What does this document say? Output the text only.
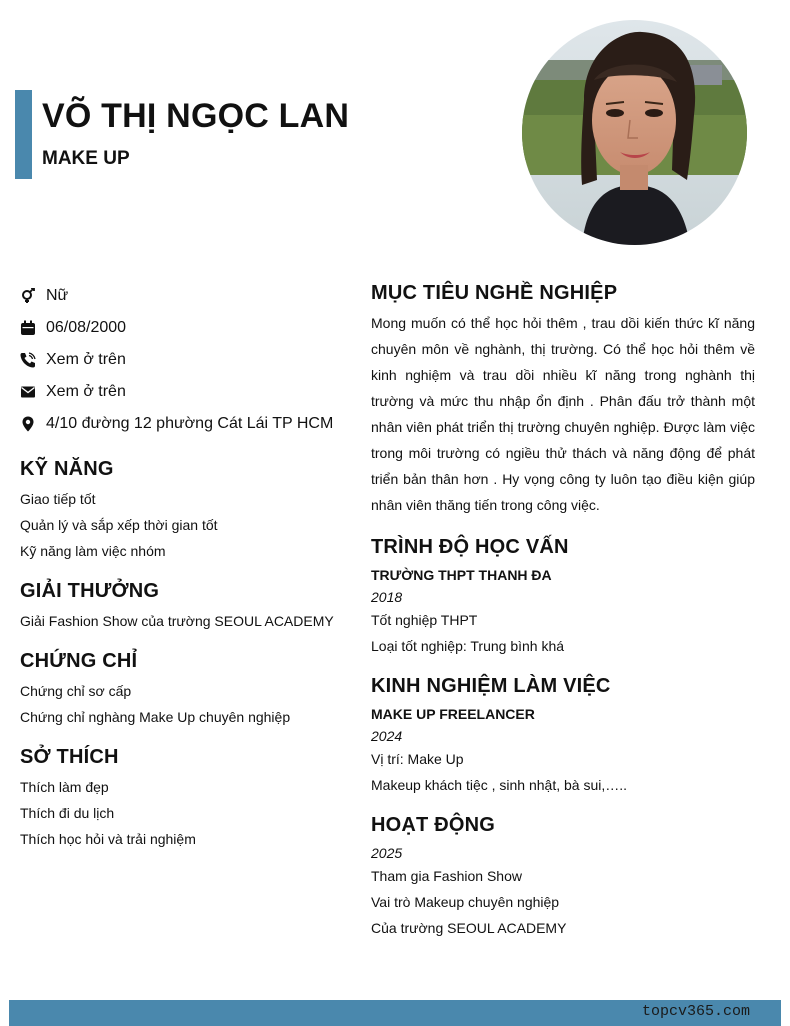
VÕ THỊ NGỌC LAN
MAKE UP
Nữ
06/08/2000
Xem ở trên
Xem ở trên
4/10 đường 12 phường Cát Lái TP HCM
KỸ NĂNG
Giao tiếp tốt
Quản lý và sắp xếp thời gian tốt
Kỹ năng làm việc nhóm
GIẢI THƯỞNG
Giải Fashion Show của trường SEOUL ACADEMY
CHỨNG CHỈ
Chứng chỉ sơ cấp
Chứng chỉ nghàng Make Up chuyên nghiệp
SỞ THÍCH
Thích làm đẹp
Thích đi du lịch
Thích học hỏi và trải nghiệm
MỤC TIÊU NGHỀ NGHIỆP
Mong muốn có thể học hỏi thêm , trau dồi kiến thức kĩ năng chuyên môn về nghành, thị trường. Có thể học hỏi thêm về kinh nghiệm và trau dồi nhiều kĩ năng trong nghành thị trường và mức thu nhập ổn định . Phân đấu trở thành một nhân viên phát triển thị trường chuyên nghiệp. Được làm việc trong môi trường có ngiều thử thách và năng động để phát triển bản thân hơn . Hy vọng công ty luôn tạo điều kiện giúp nhân viên thăng tiến trong công việc.
TRÌNH ĐỘ HỌC VẤN
TRƯỜNG THPT THANH ĐA
2018
Tốt nghiệp THPT
Loại tốt nghiệp: Trung bình khá
KINH NGHIỆM LÀM VIỆC
MAKE UP FREELANCER
2024
Vị trí: Make Up
Makeup khách tiệc , sinh nhật, bà sui,…..
HOẠT ĐỘNG
2025
Tham gia Fashion Show
Vai trò Makeup chuyên nghiệp
Của trường SEOUL ACADEMY
topcv365.com
